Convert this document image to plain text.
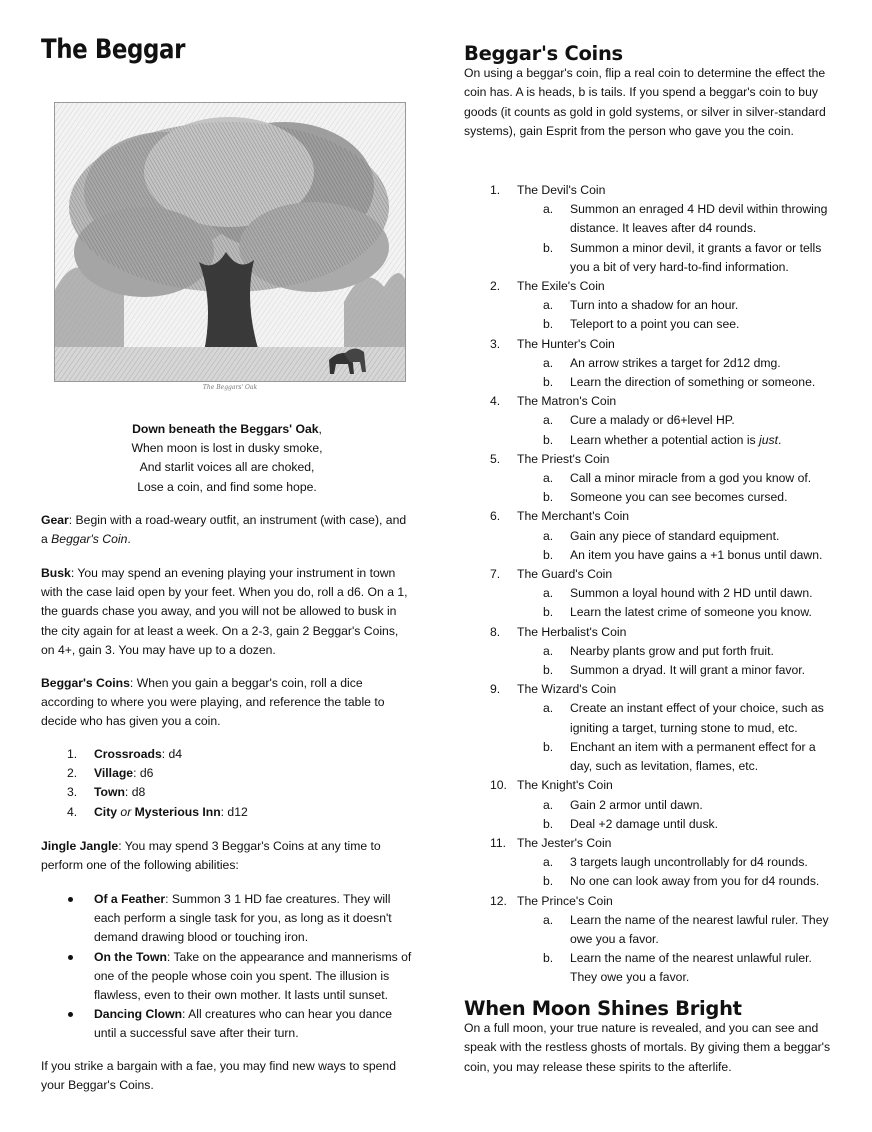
The Beggar
The Beggars' Oak

Down beneath the Beggars' Oak,

When moon is lost in dusky smoke,

And starlit voices all are choked,

Lose a coin, and find some hope.

Gear: Begin with a road-weary outfit, an instrument (with case), and a Beggar's Coin.

Busk: You may spend an evening playing your instrument in town with the case laid open by your feet. When you do, roll a d6. On a 1, the guards chase you away, and you will not be allowed to busk in the city again for at least a week. On a 2-3, gain 2 Beggar's Coins, on 4+, gain 3. You may have up to a dozen.

Beggar's Coins: When you gain a beggar's coin, roll a dice according to where you were playing, and reference the table to decide who has given you a coin.

1. Crossroads: d4
2. Village: d6
3. Town: d8
4. City or Mysterious Inn: d12

Jingle Jangle: You may spend 3 Beggar's Coins at any time to perform one of the following abilities:

Of a Feather: Summon 3 1 HD fae creatures. They will each perform a single task for you, as long as it doesn't demand drawing blood or touching iron.
On the Town: Take on the appearance and mannerisms of one of the people whose coin you spent. The illusion is flawless, even to their own mother. It lasts until sunset.
Dancing Clown: All creatures who can hear you dance until a successful save after their turn.

If you strike a bargain with a fae, you may find new ways to spend your Beggar's Coins.

Beggar's Coins

On using a beggar's coin, flip a real coin to determine the effect the coin has. A is heads, b is tails. If you spend a beggar's coin to buy goods (it counts as gold in gold systems, or silver in silver-standard systems), gain Esprit from the person who gave you the coin.

1. The Devil's Coin
a. Summon an enraged 4 HD devil within throwing distance. It leaves after d4 rounds.
b. Summon a minor devil, it grants a favor or tells you a bit of very hard-to-find information.
2. The Exile's Coin
a. Turn into a shadow for an hour.
b. Teleport to a point you can see.
3. The Hunter's Coin
a. An arrow strikes a target for 2d12 dmg.
b. Learn the direction of something or someone.
4. The Matron's Coin
a. Cure a malady or d6+level HP.
b. Learn whether a potential action is just.
5. The Priest's Coin
a. Call a minor miracle from a god you know of.
b. Someone you can see becomes cursed.
6. The Merchant's Coin
a. Gain any piece of standard equipment.
b. An item you have gains a +1 bonus until dawn.
7. The Guard's Coin
a. Summon a loyal hound with 2 HD until dawn.
b. Learn the latest crime of someone you know.
8. The Herbalist's Coin
a. Nearby plants grow and put forth fruit.
b. Summon a dryad. It will grant a minor favor.
9. The Wizard's Coin
a. Create an instant effect of your choice, such as igniting a target, turning stone to mud, etc.
b. Enchant an item with a permanent effect for a day, such as levitation, flames, etc.
10. The Knight's Coin
a. Gain 2 armor until dawn.
b. Deal +2 damage until dusk.
11. The Jester's Coin
a. 3 targets laugh uncontrollably for d4 rounds.
b. No one can look away from you for d4 rounds.
12. The Prince's Coin
a. Learn the name of the nearest lawful ruler. They owe you a favor.
b. Learn the name of the nearest unlawful ruler. They owe you a favor.
When Moon Shines Bright

On a full moon, your true nature is revealed, and you can see and speak with the restless ghosts of mortals. By giving them a beggar's coin, you may release these spirits to the afterlife.
